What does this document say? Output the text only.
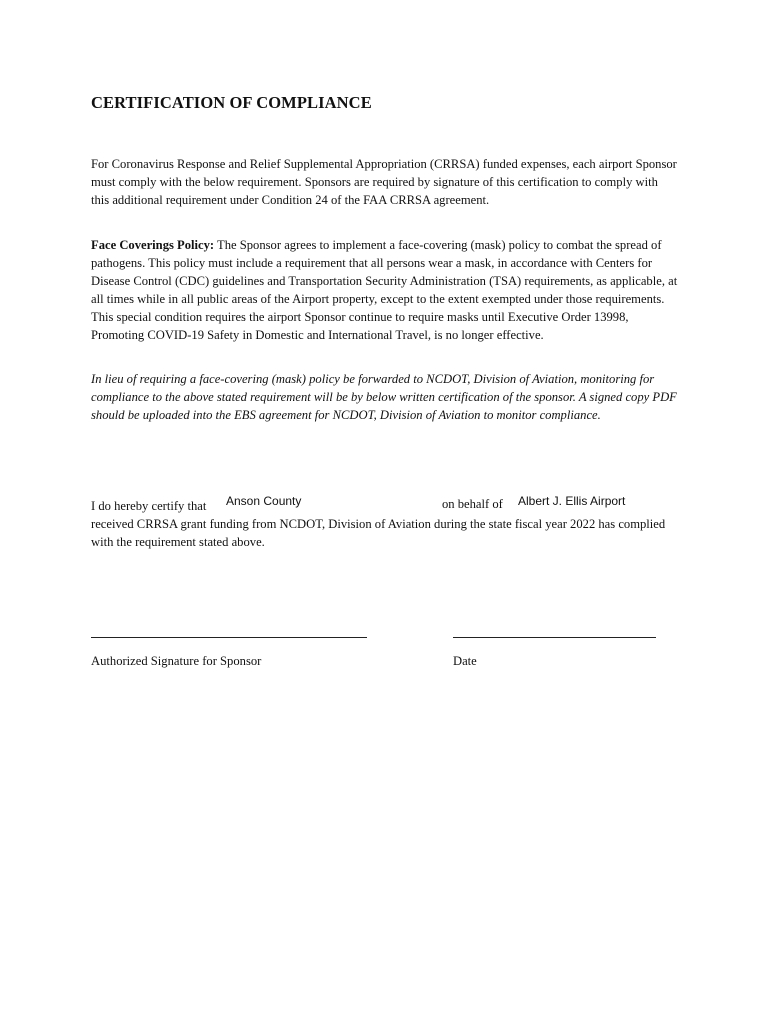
CERTIFICATION OF COMPLIANCE
For Coronavirus Response and Relief Supplemental Appropriation (CRRSA) funded expenses, each airport Sponsor must comply with the below requirement. Sponsors are required by signature of this certification to comply with this additional requirement under Condition 24 of the FAA CRRSA agreement.
Face Coverings Policy: The Sponsor agrees to implement a face-covering (mask) policy to combat the spread of pathogens. This policy must include a requirement that all persons wear a mask, in accordance with Centers for Disease Control (CDC) guidelines and Transportation Security Administration (TSA) requirements, as applicable, at all times while in all public areas of the Airport property, except to the extent exempted under those requirements. This special condition requires the airport Sponsor continue to require masks until Executive Order 13998, Promoting COVID-19 Safety in Domestic and International Travel, is no longer effective.
In lieu of requiring a face-covering (mask) policy be forwarded to NCDOT, Division of Aviation, monitoring for compliance to the above stated requirement will be by below written certification of the sponsor. A signed copy PDF should be uploaded into the EBS agreement for NCDOT, Division of Aviation to monitor compliance.
I do hereby certify that	Anson County	on behalf of Albert J. Ellis Airport
received CRRSA grant funding from NCDOT, Division of Aviation during the state fiscal year 2022 has complied with the requirement stated above.
Authorized Signature for Sponsor	Date
